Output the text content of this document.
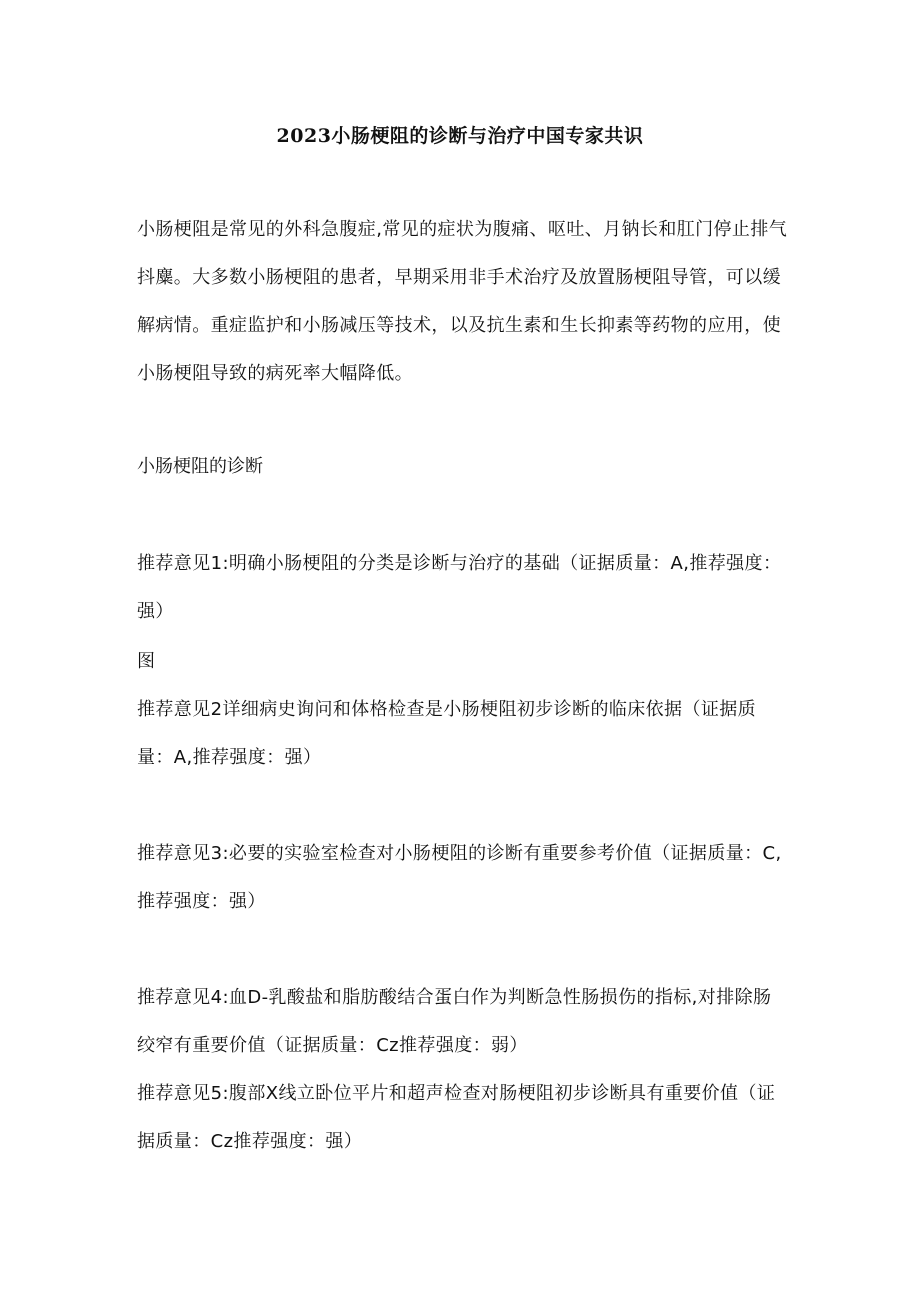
2023小肠梗阻的诊断与治疗中国专家共识

小肠梗阻是常见的外科急腹症,常见的症状为腹痛、呕吐、月钠长和肛门停止排气抖麋。大多数小肠梗阻的患者，早期采用非手术治疗及放置肠梗阻导管，可以缓解病情。重症监护和小肠减压等技术，以及抗生素和生长抑素等药物的应用，使小肠梗阻导致的病死率大幅降低。

小肠梗阻的诊断

推荐意见1:明确小肠梗阻的分类是诊断与治疗的基础（证据质量：A,推荐强度：强）

图

推荐意见2详细病史询问和体格检查是小肠梗阻初步诊断的临床依据（证据质量：A,推荐强度：强）

推荐意见3:必要的实验室检查对小肠梗阻的诊断有重要参考价值（证据质量：C,推荐强度：强）

推荐意见4:血D-乳酸盐和脂肪酸结合蛋白作为判断急性肠损伤的指标,对排除肠绞窄有重要价值（证据质量：Cz推荐强度：弱）

推荐意见5:腹部X线立卧位平片和超声检查对肠梗阻初步诊断具有重要价值（证据质量：Cz推荐强度：强）
